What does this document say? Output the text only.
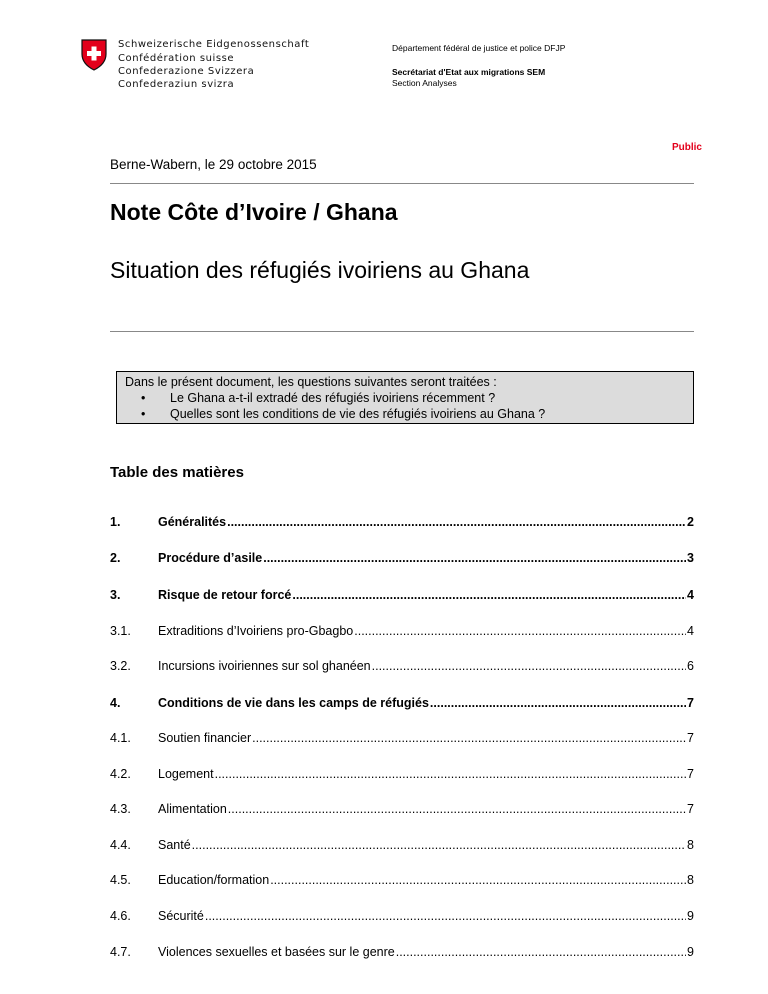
Schweizerische Eidgenossenschaft
Confédération suisse
Confederazione Svizzera
Confederaziun svizra
Département fédéral de justice et police DFJP
Secrétariat d'Etat aux migrations SEM
Section Analyses
Public
Berne-Wabern, le 29 octobre 2015
Note Côte d’Ivoire / Ghana
Situation des réfugiés ivoiriens au Ghana
Dans le présent document, les questions suivantes seront traitées :
• Le Ghana a-t-il extradé des réfugiés ivoiriens récemment ?
• Quelles sont les conditions de vie des réfugiés ivoiriens au Ghana ?
Table des matières
1.	Généralités .....	2
2.	Procédure d’asile .....	3
3.	Risque de retour forcé .....	4
3.1. Extraditions d’Ivoiriens pro-Gbagbo .....	4
3.2. Incursions ivoiriennes sur sol ghanéen .....	6
4.	Conditions de vie dans les camps de réfugiés .....	7
4.1. Soutien financier .....	7
4.2. Logement .....	7
4.3. Alimentation .....	7
4.4. Santé .....	8
4.5. Education/formation .....	8
4.6. Sécurité .....	9
4.7. Violences sexuelles et basées sur le genre .....	9
